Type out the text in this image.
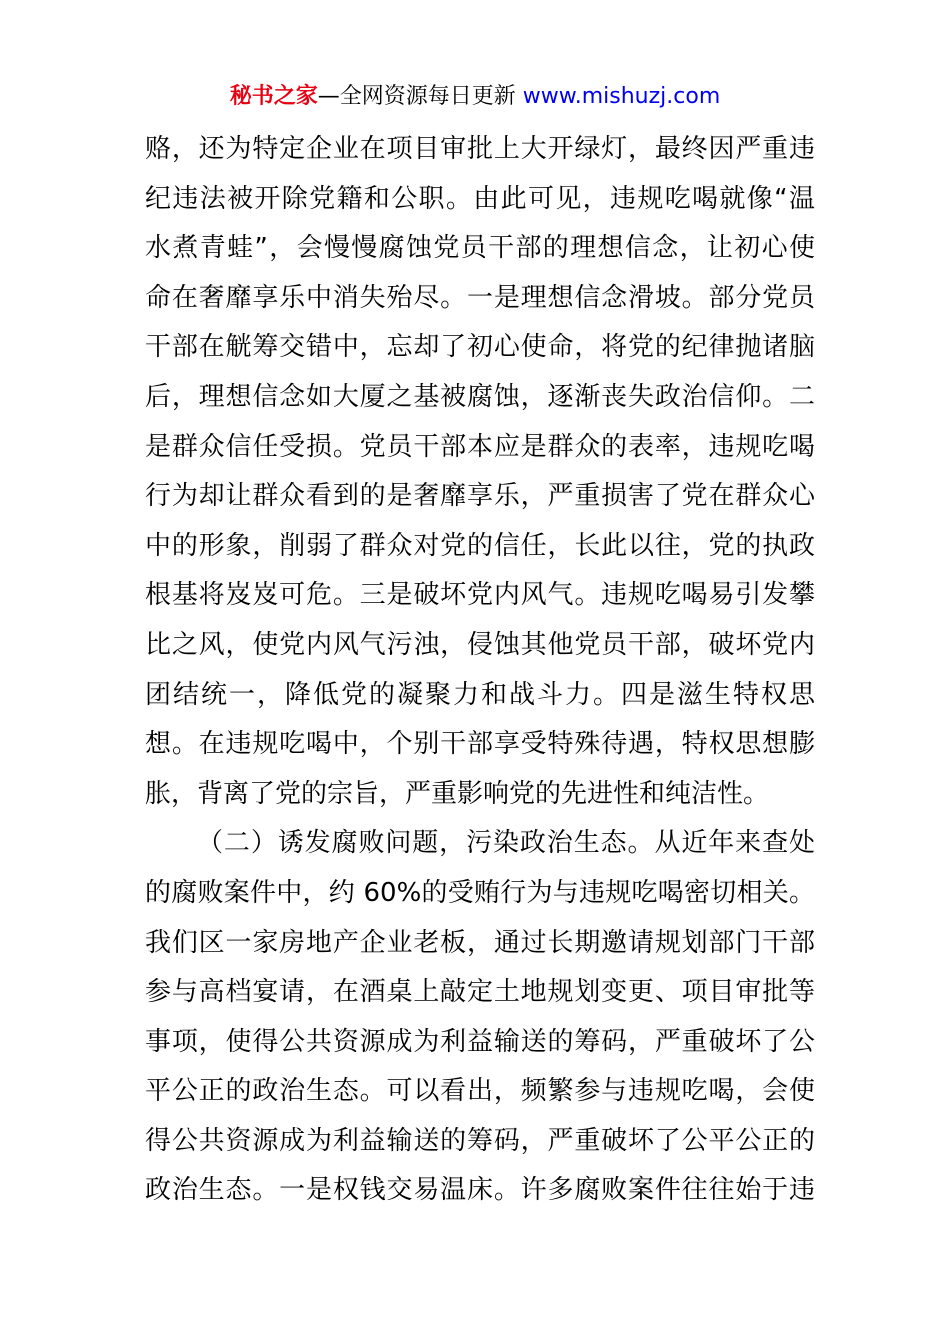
秘书之家—全网资源每日更新 www.mishuzj.com
赂，还为特定企业在项目审批上大开绿灯，最终因严重违
纪违法被开除党籍和公职。由此可见，违规吃喝就像“温
水煮青蛙”，会慢慢腐蚀党员干部的理想信念，让初心使
命在奢靡享乐中消失殆尽。一是理想信念滑坡。部分党员
干部在觥筹交错中，忘却了初心使命，将党的纪律抛诸脑
后，理想信念如大厦之基被腐蚀，逐渐丧失政治信仰。二
是群众信任受损。党员干部本应是群众的表率，违规吃喝
行为却让群众看到的是奢靡享乐，严重损害了党在群众心
中的形象，削弱了群众对党的信任，长此以往，党的执政
根基将岌岌可危。三是破坏党内风气。违规吃喝易引发攀
比之风，使党内风气污浊，侵蚀其他党员干部，破坏党内
团结统一，降低党的凝聚力和战斗力。四是滋生特权思
想。在违规吃喝中，个别干部享受特殊待遇，特权思想膨
胀，背离了党的宗旨，严重影响党的先进性和纯洁性。
（二）诱发腐败问题，污染政治生态。从近年来查处
的腐败案件中，约 60%的受贿行为与违规吃喝密切相关。
我们区一家房地产企业老板，通过长期邀请规划部门干部
参与高档宴请，在酒桌上敲定土地规划变更、项目审批等
事项，使得公共资源成为利益输送的筹码，严重破坏了公
平公正的政治生态。可以看出，频繁参与违规吃喝，会使
得公共资源成为利益输送的筹码，严重破坏了公平公正的
政治生态。一是权钱交易温床。许多腐败案件往往始于违
